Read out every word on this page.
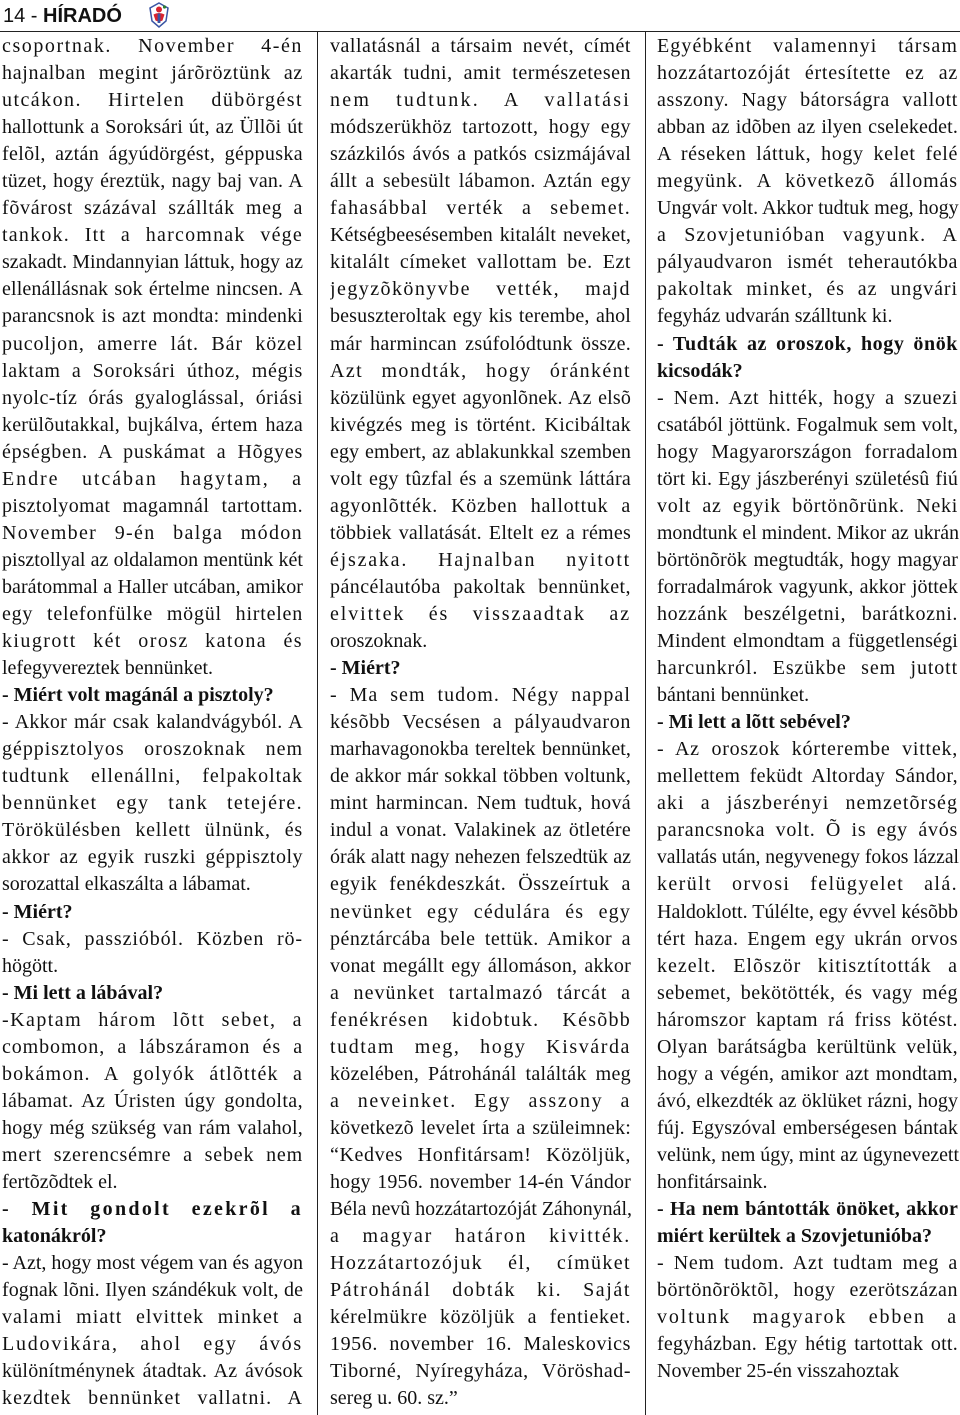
14 - HÍRADÓ
csoportnak. November 4-én
hajnalban megint járõröztünk az
utcákon. Hirtelen dübörgést
hallottunk a Soroksári út, az Üllõi út
felõl, aztán ágyúdörgést, géppuska
tüzet, hogy éreztük, nagy baj van. A
fõvárost százával szállták meg a
tankok. Itt a harcomnak vége
szakadt. Mindannyian láttuk, hogy az
ellenállásnak sok értelme nincsen. A
parancsnok is azt mondta: mindenki
pucoljon, amerre lát. Bár közel
laktam a Soroksári úthoz, mégis
nyolc-tíz órás gyaloglással, óriási
kerülõutakkal, bujkálva, értem haza
épségben. A puskámat a Hõgyes
Endre utcában hagytam, a
pisztolyomat magamnál tartottam.
November 9-én balga módon
pisztollyal az oldalamon mentünk két
barátommal a Haller utcában, amikor
egy telefonfülke mögül hirtelen
kiugrott két orosz katona és
lefegyvereztek bennünket.
- Miért volt magánál a pisztoly?
- Akkor már csak kalandvágyból. A
géppisztolyos oroszoknak nem
tudtunk ellenállni, felpakoltak
bennünket egy tank tetejére.
Törökülésben kellett ülnünk, és
akkor az egyik ruszki géppisztoly
sorozattal elkaszálta a lábamat.
- Miért?
- Csak, passzióból. Közben rö-
högött.
- Mi lett a lábával?
-Kaptam három lõtt sebet, a
combomon, a lábszáramon és a
bokámon. A golyók átlõtték a
lábamat. Az Úristen úgy gondolta,
hogy még szükség van rám valahol,
mert szerencsémre a sebek nem
fertõzõdtek el.
- Mit gondolt ezekrõl a
katonákról?
- Azt, hogy most végem van és agyon
fognak lõni. Ilyen szándékuk volt, de
valami miatt elvittek minket a
Ludovikára, ahol egy ávós
különítménynek átadtak. Az ávósok
kezdtek bennünket vallatni. A
vallatásnál a társaim nevét, címét
akarták tudni, amit természetesen
nem tudtunk. A vallatási
módszerükhöz tartozott, hogy egy
százkilós ávós a patkós csizmájával
állt a sebesült lábamon. Aztán egy
fahasábbal verték a sebemet.
Kétségbeesésemben kitalált neveket,
kitalált címeket vallottam be. Ezt
jegyzõkönyvbe vették, majd
besuszteroltak egy kis terembe, ahol
már harmincan zsúfolódtunk össze.
Azt mondták, hogy óránként
közülünk egyet agyonlõnek. Az elsõ
kivégzés meg is történt. Kicibáltak
egy embert, az ablakunkkal szemben
volt egy tûzfal és a szemünk láttára
agyonlõtték. Közben hallottuk a
többiek vallatását. Eltelt ez a rémes
éjszaka. Hajnalban nyitott
páncélautóba pakoltak bennünket,
elvittek és visszaadtak az
oroszoknak.
- Miért?
- Ma sem tudom. Négy nappal
késõbb Vecsésen a pályaudvaron
marhavagonokba tereltek bennünket,
de akkor már sokkal többen voltunk,
mint harmincan. Nem tudtuk, hová
indul a vonat. Valakinek az ötletére
órák alatt nagy nehezen felszedtük az
egyik fenékdeszkát. Összeírtuk a
nevünket egy cédulára és egy
pénztárcába bele tettük. Amikor a
vonat megállt egy állomáson, akkor
a nevünket tartalmazó tárcát a
fenékrésen kidobtuk. Késõbb
tudtam meg, hogy Kisvárda
közelében, Pátrohánál találták meg
a neveinket. Egy asszony a
következõ levelet írta a szüleimnek:
“Kedves Honfitársam! Közöljük,
hogy 1956. november 14-én Vándor
Béla nevû hozzátartozóját Záhonynál,
a magyar határon kivitték.
Hozzátartozójuk él, címüket
Pátrohánál dobták ki. Saját
kérelmükre közöljük a fentieket.
1956. november 16. Maleskovics
Tiborné, Nyíregyháza, Vöröshad-
sereg u. 60. sz.”
Egyébként valamennyi társam
hozzátartozóját értesítette ez az
asszony. Nagy bátorságra vallott
abban az idõben az ilyen cselekedet.
A réseken láttuk, hogy kelet felé
megyünk. A következõ állomás
Ungvár volt. Akkor tudtuk meg, hogy
a Szovjetunióban vagyunk. A
pályaudvaron ismét teherautókba
pakoltak minket, és az ungvári
fegyház udvarán szálltunk ki.
- Tudták az oroszok, hogy önök
kicsodák?
- Nem. Azt hitték, hogy a szuezi
csatából jöttünk. Fogalmuk sem volt,
hogy Magyarországon forradalom
tört ki. Egy jászberényi születésû fiú
volt az egyik börtönõrünk. Neki
mondtunk el mindent. Mikor az ukrán
börtönõrök megtudták, hogy magyar
forradalmárok vagyunk, akkor jöttek
hozzánk beszélgetni, barátkozni.
Mindent elmondtam a függetlenségi
harcunkról. Eszükbe sem jutott
bántani bennünket.
- Mi lett a lõtt sebével?
- Az oroszok kórterembe vittek,
mellettem feküdt Altorday Sándor,
aki a jászberényi nemzetõrség
parancsnoka volt. Õ is egy ávós
vallatás után, negyvenegy fokos lázzal
került orvosi felügyelet alá.
Haldoklott. Túlélte, egy évvel késõbb
tért haza. Engem egy ukrán orvos
kezelt. Elõször kitisztították a
sebemet, bekötötték, és vagy még
háromszor kaptam rá friss kötést.
Olyan barátságba kerültünk velük,
hogy a végén, amikor azt mondtam,
ávó, elkezdték az öklüket rázni, hogy
fúj. Egyszóval emberségesen bántak
velünk, nem úgy, mint az úgynevezett
honfitársaink.
- Ha nem bántották önöket, akkor
miért kerültek a Szovjetunióba?
- Nem tudom. Azt tudtam meg a
börtönõröktõl, hogy ezerötszázan
voltunk magyarok ebben a
fegyházban. Egy hétig tartottak ott.
November 25-én visszahoztak
